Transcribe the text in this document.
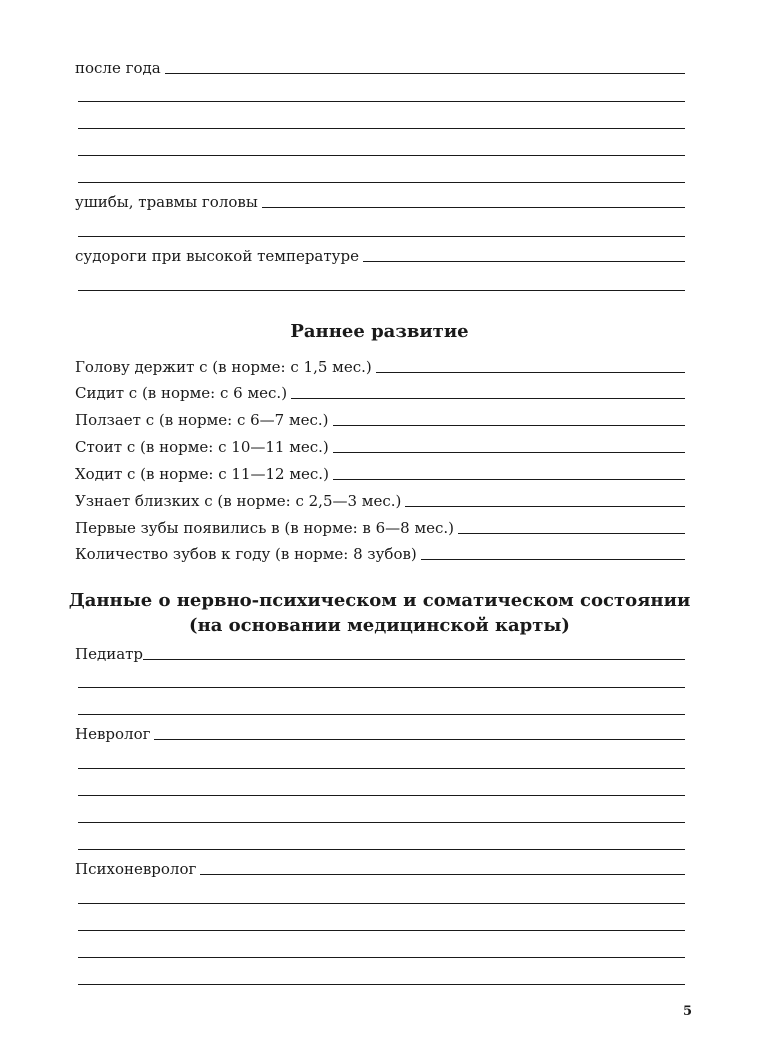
после года
ушибы, травмы головы
судороги при высокой температуре
Раннее развитие
Голову держит с (в норме: с 1,5 мес.)
Сидит с (в норме: с 6 мес.)
Ползает с (в норме: с 6—7 мес.)
Стоит с (в норме: с 10—11 мес.)
Ходит с (в норме: с 11—12 мес.)
Узнает близких с (в норме: с 2,5—3 мес.)
Первые зубы появились в (в норме: в 6—8 мес.)
Количество зубов к году (в норме: 8 зубов)
Данные о нервно-психическом и соматическом состоянии
(на основании медицинской карты)
Педиатр
Невролог
Психоневролог
5
